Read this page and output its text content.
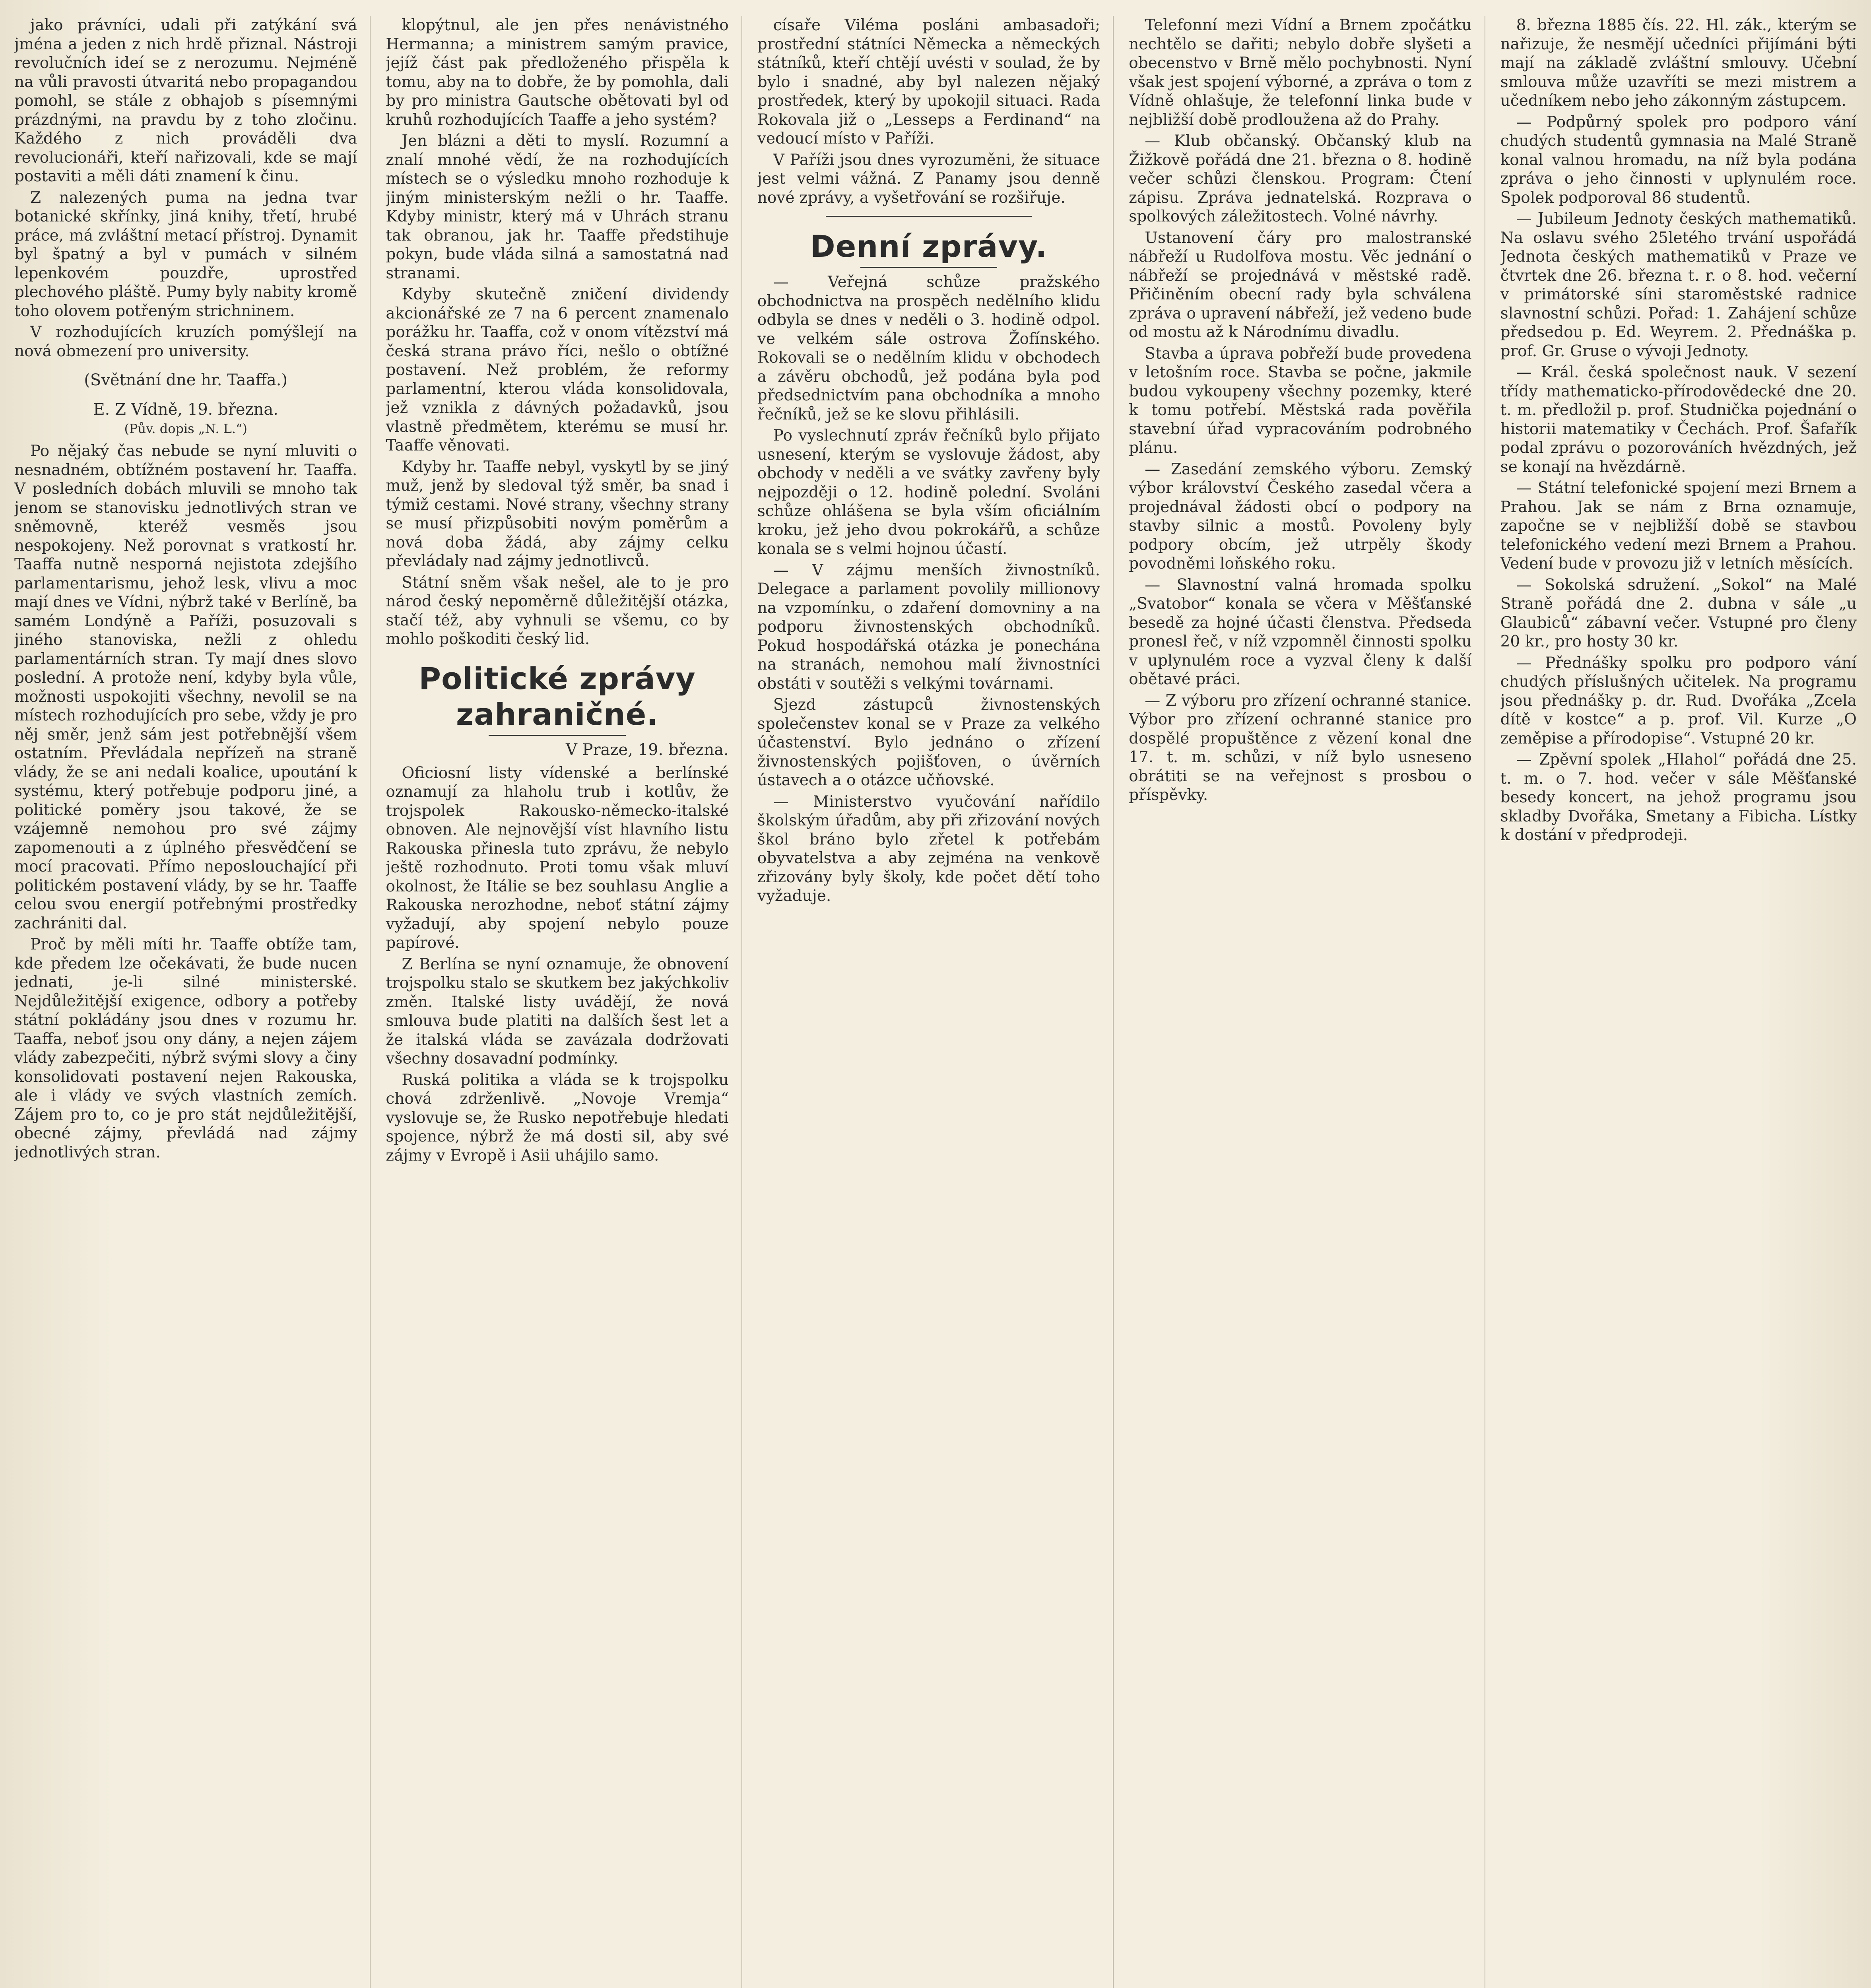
jako právníci, udali při zatýkání svá jména a jeden z nich hrdě přiznal. Nástroji revolučních ideí se z nerozumu. Nejméně na vůli pravosti útvaritá nebo propagandou pomohl, se stále z obhajob s písemnými prázdnými, na pravdu by z toho zločinu. Každého z nich prováděli dva revolucionáři, kteří nařizovali, kde se mají postaviti a měli dáti znamení k činu.

Z nalezených puma na jedna tvar botanické skřínky, jiná knihy, třetí, hrubé práce, má zvláštní metací přístroj. Dynamit byl špatný a byl v pumách v silném lepenkovém pouzdře, uprostřed plechového pláště. Pumy byly nabity kromě toho olovem potřeným strichninem.

V rozhodujících kruzích pomýšlejí na nová obmezení pro university.

(Světnání dne hr. Taaffa.)
E. Z Vídně, 19. března.
(Pův. dopis „N. L.“)

Po nějaký čas nebude se nyní mluviti o nesnadném, obtížném postavení hr. Taaffa. V posledních dobách mluvili se mnoho tak jenom se stanovisku jednotlivých stran ve sněmovně, kteréž vesměs jsou nespokojeny. Než porovnat s vratkostí hr. Taaffa nutně nesporná nejistota zdejšího parlamentarismu, jehož lesk, vlivu a moc mají dnes ve Vídni, nýbrž také v Berlíně, ba samém Londýně a Paříži, posuzovali s jiného stanoviska, nežli z ohledu parlamentárních stran. Ty mají dnes slovo poslední. A protože není, kdyby byla vůle, možnosti uspokojiti všechny, nevolil se na místech rozhodujících pro sebe, vždy je pro něj směr, jenž sám jest potřebnější všem ostatním. Převládala nepřízeň na straně vlády, že se ani nedali koalice, upoutání k systému, který potřebuje podporu jiné, a politické poměry jsou takové, že se vzájemně nemohou pro své zájmy zapomenouti a z úplného přesvědčení se mocí pracovati. Přímo neposlouchající při politickém postavení vlády, by se hr. Taaffe celou svou energií potřebnými prostředky zachrániti dal.

Proč by měli míti hr. Taaffe obtíže tam, kde předem lze očekávati, že bude nucen jednati, je-li silné ministerské. Nejdůležitější exigence, odbory a potřeby státní pokládány jsou dnes v rozumu hr. Taaffa, neboť jsou ony dány, a nejen zájem vlády zabezpečiti, nýbrž svými slovy a činy konsolidovati postavení nejen Rakouska, ale i vlády ve svých vlastních zemích. Zájem pro to, co je pro stát nejdůležitější, obecné zájmy, převládá nad zájmy jednotlivých stran.

klopýtnul, ale jen přes nenávistného Hermanna; a ministrem samým pravice, jejíž část pak předloženého přispěla k tomu, aby na to dobře, že by pomohla, dali by pro ministra Gautsche obětovati byl od kruhů rozhodujících Taaffe a jeho systém?

Jen blázni a děti to myslí. Rozumní a znalí mnohé vědí, že na rozhodujících místech se o výsledku mnoho rozhoduje k jiným ministerským nežli o hr. Taaffe. Kdyby ministr, který má v Uhrách stranu tak obranou, jak hr. Taaffe předstihuje pokyn, bude vláda silná a samostatná nad stranami.

Kdyby skutečně zničení dividendy akcionářské ze 7 na 6 percent znamenalo porážku hr. Taaffa, což v onom vítězství má česká strana právo říci, nešlo o obtížné postavení. Než problém, že reformy parlamentní, kterou vláda konsolidovala, jež vznikla z dávných požadavků, jsou vlastně předmětem, kterému se musí hr. Taaffe věnovati.

Kdyby hr. Taaffe nebyl, vyskytl by se jiný muž, jenž by sledoval týž směr, ba snad i týmiž cestami. Nové strany, všechny strany se musí přizpůsobiti novým poměrům a nová doba žádá, aby zájmy celku převládaly nad zájmy jednotlivců.

Státní sněm však nešel, ale to je pro národ český nepoměrně důležitější otázka, stačí též, aby vyhnuli se všemu, co by mohlo poškoditi český lid.

Politické zprávy zahraničné.
V Praze, 19. března.

Oficiosní listy vídenské a berlínské oznamují za hlaholu trub i kotlův, že trojspolek Rakousko-německo-italské obnoven. Ale nejnovější víst hlavního listu Rakouska přinesla tuto zprávu, že nebylo ještě rozhodnuto. Proti tomu však mluví okolnost, že Itálie se bez souhlasu Anglie a Rakouska nerozhodne, neboť státní zájmy vyžadují, aby spojení nebylo pouze papírové.

Z Berlína se nyní oznamuje, že obnovení trojspolku stalo se skutkem bez jakýchkoliv změn. Italské listy uvádějí, že nová smlouva bude platiti na dalších šest let a že italská vláda se zavázala dodržovati všechny dosavadní podmínky.

Ruská politika a vláda se k trojspolku chová zdrženlivě. „Novoje Vremja“ vyslovuje se, že Rusko nepotřebuje hledati spojence, nýbrž že má dosti sil, aby své zájmy v Evropě i Asii uhájilo samo.

císaře Viléma posláni ambasadoři; prostřední státníci Německa a německých státníků, kteří chtějí uvésti v soulad, že by bylo i snadné, aby byl nalezen nějaký prostředek, který by upokojil situaci. Rada Rokovala již o „Lesseps a Ferdinand“ na vedoucí místo v Paříži.

V Paříži jsou dnes vyrozuměni, že situace jest velmi vážná. Z Panamy jsou denně nové zprávy, a vyšetřování se rozšiřuje.

Denní zprávy.

— Veřejná schůze pražského obchodnictva na prospěch nedělního klidu odbyla se dnes v neděli o 3. hodině odpol. ve velkém sále ostrova Žofínského. Rokovali se o nedělním klidu v obchodech a závěru obchodů, jež podána byla pod předsednictvím pana obchodníka a mnoho řečníků, jež se ke slovu přihlásili.

Po vyslechnutí zpráv řečníků bylo přijato usnesení, kterým se vyslovuje žádost, aby obchody v neděli a ve svátky zavřeny byly nejpozději o 12. hodině polední. Svoláni schůze ohlášena se byla vším oficiálním kroku, jež jeho dvou pokrokářů, a schůze konala se s velmi hojnou účastí.

— V zájmu menších živnostníků. Delegace a parlament povolily millionovy na vzpomínku, o zdaření domovniny a na podporu živnostenských obchodníků. Pokud hospodářská otázka je ponechána na stranách, nemohou malí živnostníci obstáti v soutěži s velkými továrnami.

Sjezd zástupců živnostenských společenstev konal se v Praze za velkého účastenství. Bylo jednáno o zřízení živnostenských pojišťoven, o úvěrních ústavech a o otázce učňovské.

— Ministerstvo vyučování nařídilo školským úřadům, aby při zřizování nových škol bráno bylo zřetel k potřebám obyvatelstva a aby zejména na venkově zřizovány byly školy, kde počet dětí toho vyžaduje.

Telefonní mezi Vídní a Brnem zpočátku nechtělo se dařiti; nebylo dobře slyšeti a obecenstvo v Brně mělo pochybnosti. Nyní však jest spojení výborné, a zpráva o tom z Vídně ohlašuje, že telefonní linka bude v nejbližší době prodloužena až do Prahy.

— Klub občanský. Občanský klub na Žižkově pořádá dne 21. března o 8. hodině večer schůzi členskou. Program: Čtení zápisu. Zpráva jednatelská. Rozprava o spolkových záležitostech. Volné návrhy.

Ustanovení čáry pro malostranské nábřeží u Rudolfova mostu. Věc jednání o nábřeží se projednává v městské radě. Přičiněním obecní rady byla schválena zpráva o upravení nábřeží, jež vedeno bude od mostu až k Národnímu divadlu.

Stavba a úprava pobřeží bude provedena v letošním roce. Stavba se počne, jakmile budou vykoupeny všechny pozemky, které k tomu potřebí. Městská rada pověřila stavební úřad vypracováním podrobného plánu.

— Zasedání zemského výboru. Zemský výbor království Českého zasedal včera a projednával žádosti obcí o podpory na stavby silnic a mostů. Povoleny byly podpory obcím, jež utrpěly škody povodněmi loňského roku.

— Slavnostní valná hromada spolku „Svatobor“ konala se včera v Měšťanské besedě za hojné účasti členstva. Předseda pronesl řeč, v níž vzpomněl činnosti spolku v uplynulém roce a vyzval členy k další obětavé práci.

— Z výboru pro zřízení ochranné stanice. Výbor pro zřízení ochranné stanice pro dospělé propuštěnce z vězení konal dne 17. t. m. schůzi, v níž bylo usneseno obrátiti se na veřejnost s prosbou o příspěvky.

8. března 1885 čís. 22. Hl. zák., kterým se nařizuje, že nesmějí učedníci přijímáni býti mají na základě zvláštní smlouvy. Učební smlouva může uzavříti se mezi mistrem a učedníkem nebo jeho zákonným zástupcem.

— Podpůrný spolek pro podporo vání chudých studentů gymnasia na Malé Straně konal valnou hromadu, na níž byla podána zpráva o jeho činnosti v uplynulém roce. Spolek podporoval 86 studentů.

— Jubileum Jednoty českých mathematiků. Na oslavu svého 25letého trvání uspořádá Jednota českých mathematiků v Praze ve čtvrtek dne 26. března t. r. o 8. hod. večerní v primátorské síni staroměstské radnice slavnostní schůzi. Pořad: 1. Zahájení schůze předsedou p. Ed. Weyrem. 2. Přednáška p. prof. Gr. Gruse o vývoji Jednoty.

— Král. česká společnost nauk. V sezení třídy mathematicko-přírodovědecké dne 20. t. m. předložil p. prof. Studnička pojednání o historii matematiky v Čechách. Prof. Šafařík podal zprávu o pozorováních hvězdných, jež se konají na hvězdárně.

— Státní telefonické spojení mezi Brnem a Prahou. Jak se nám z Brna oznamuje, započne se v nejbližší době se stavbou telefonického vedení mezi Brnem a Prahou. Vedení bude v provozu již v letních měsících.

— Sokolská sdružení. „Sokol“ na Malé Straně pořádá dne 2. dubna v sále „u Glaubiců“ zábavní večer. Vstupné pro členy 20 kr., pro hosty 30 kr.

— Přednášky spolku pro podporo vání chudých příslušných učitelek. Na programu jsou přednášky p. dr. Rud. Dvořáka „Zcela dítě v kostce“ a p. prof. Vil. Kurze „O zeměpise a přírodopise“. Vstupné 20 kr.

— Zpěvní spolek „Hlahol“ pořádá dne 25. t. m. o 7. hod. večer v sále Měšťanské besedy koncert, na jehož programu jsou skladby Dvořáka, Smetany a Fibicha. Lístky k dostání v předprodeji.
